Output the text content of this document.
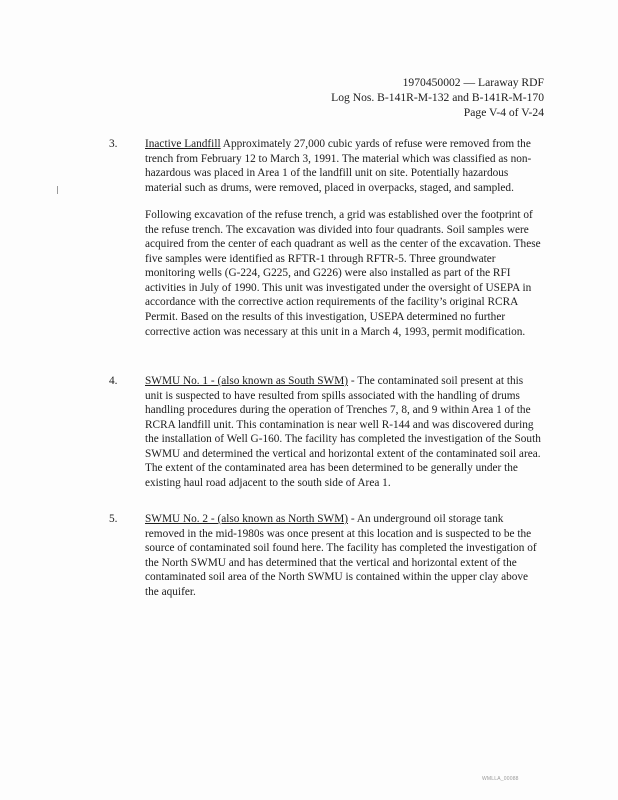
1970450002 — Laraway RDF
Log Nos. B-141R-M-132 and B-141R-M-170
Page V-4 of V-24
3.	Inactive Landfill Approximately 27,000 cubic yards of refuse were removed from the trench from February 12 to March 3, 1991. The material which was classified as non-hazardous was placed in Area 1 of the landfill unit on site. Potentially hazardous material such as drums, were removed, placed in overpacks, staged, and sampled.

Following excavation of the refuse trench, a grid was established over the footprint of the refuse trench. The excavation was divided into four quadrants. Soil samples were acquired from the center of each quadrant as well as the center of the excavation. These five samples were identified as RFTR-1 through RFTR-5. Three groundwater monitoring wells (G-224, G225, and G226) were also installed as part of the RFI activities in July of 1990. This unit was investigated under the oversight of USEPA in accordance with the corrective action requirements of the facility’s original RCRA Permit. Based on the results of this investigation, USEPA determined no further corrective action was necessary at this unit in a March 4, 1993, permit modification.

4.	SWMU No. 1 - (also known as South SWM) - The contaminated soil present at this unit is suspected to have resulted from spills associated with the handling of drums handling procedures during the operation of Trenches 7, 8, and 9 within Area 1 of the RCRA landfill unit. This contamination is near well R-144 and was discovered during the installation of Well G-160. The facility has completed the investigation of the South SWMU and determined the vertical and horizontal extent of the contaminated soil area. The extent of the contaminated area has been determined to be generally under the existing haul road adjacent to the south side of Area 1.

5.	SWMU No. 2 - (also known as North SWM) - An underground oil storage tank removed in the mid-1980s was once present at this location and is suspected to be the source of contaminated soil found here. The facility has completed the investigation of the North SWMU and has determined that the vertical and horizontal extent of the contaminated soil area of the North SWMU is contained within the upper clay above the aquifer.

WMLLA_00088
